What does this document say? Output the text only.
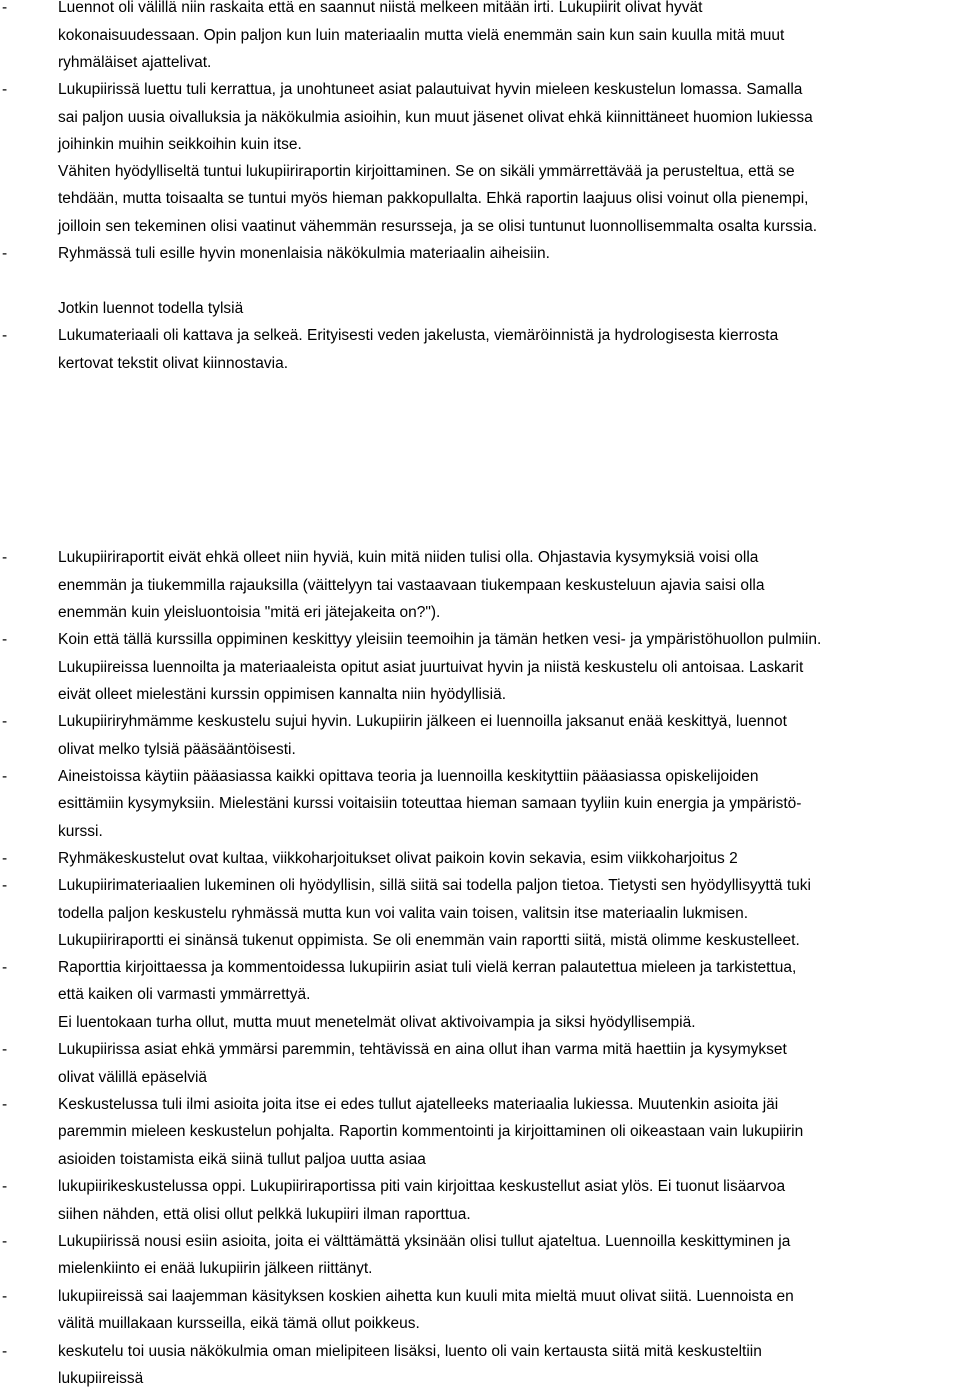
-	Luennot oli välillä niin raskaita että en saannut niistä melkeen mitään irti. Lukupiirit olivat hyvät
kokonaisuudessaan. Opin paljon kun luin materiaalin mutta vielä enemmän sain kun sain kuulla mitä muut
ryhmäläiset ajattelivat.
-	Lukupiirissä luettu tuli kerrattua, ja unohtuneet asiat palautuivat hyvin mieleen keskustelun lomassa. Samalla
sai paljon uusia oivalluksia ja näkökulmia asioihin, kun muut jäsenet olivat ehkä kiinnittäneet huomion lukiessa
joihinkin muihin seikkoihin kuin itse.
Vähiten hyödylliseltä tuntui lukupiiriraportin kirjoittaminen. Se on sikäli ymmärrettävää ja perusteltua, että se
tehdään, mutta toisaalta se tuntui myös hieman pakkopullalta. Ehkä raportin laajuus olisi voinut olla pienempi,
joilloin sen tekeminen olisi vaatinut vähemmän resursseja, ja se olisi tuntunut luonnollisemmalta osalta kurssia.
-	Ryhmässä tuli esille hyvin monenlaisia näkökulmia materiaalin aiheisiin.
Jotkin luennot todella tylsiä
-	Lukumateriaali oli kattava ja selkeä. Erityisesti veden jakelusta, viemäröinnistä ja hydrologisesta kierrosta
kertovat tekstit olivat kiinnostavia.
-	Lukupiiriraportit eivät ehkä olleet niin hyviä, kuin mitä niiden tulisi olla. Ohjastavia kysymyksiä voisi olla
enemmän ja tiukemmilla rajauksilla (väittelyyn tai vastaavaan tiukempaan keskusteluun ajavia saisi olla
enemmän kuin yleisluontoisia "mitä eri jätejakeita on?").
-	Koin että tällä kurssilla oppiminen keskittyy yleisiin teemoihin ja tämän hetken vesi- ja ympäristöhuollon pulmiin.
Lukupiireissa luennoilta ja materiaaleista opitut asiat juurtuivat hyvin ja niistä keskustelu oli antoisaa. Laskarit
eivät olleet mielestäni kurssin oppimisen kannalta niin hyödyllisiä.
-	Lukupiiriryhmämme keskustelu sujui hyvin. Lukupiirin jälkeen ei luennoilla jaksanut enää keskittyä, luennot
olivat melko tylsiä pääsääntöisesti.
-	Aineistoissa käytiin pääasiassa kaikki opittava teoria ja luennoilla keskityttiin pääasiassa opiskelijoiden
esittämiin kysymyksiin. Mielestäni kurssi voitaisiin toteuttaa hieman samaan tyyliin kuin energia ja ympäristö-
kurssi.
-	Ryhmäkeskustelut ovat kultaa, viikkoharjoitukset olivat paikoin kovin sekavia, esim viikkoharjoitus 2
-	Lukupiirimateriaalien lukeminen oli hyödyllisin, sillä siitä sai todella paljon tietoa. Tietysti sen hyödyllisyyttä tuki
todella paljon keskustelu ryhmässä mutta kun voi valita vain toisen, valitsin itse materiaalin lukmisen.
Lukupiiriraportti ei sinänsä tukenut oppimista. Se oli enemmän vain raportti siitä, mistä olimme keskustelleet.
-	Raporttia kirjoittaessa ja kommentoidessa lukupiirin asiat tuli vielä kerran palautettua mieleen ja tarkistettua,
että kaiken oli varmasti ymmärrettyä.
Ei luentokaan turha ollut, mutta muut menetelmät olivat aktivoivampia ja siksi hyödyllisempiä.
-	Lukupiirissa asiat ehkä ymmärsi paremmin, tehtävissä en aina ollut ihan varma mitä haettiin ja kysymykset
olivat välillä epäselviä
-	Keskustelussa tuli ilmi asioita joita itse ei edes tullut ajatelleeks materiaalia lukiessa. Muutenkin asioita jäi
paremmin mieleen keskustelun pohjalta. Raportin kommentointi ja kirjoittaminen oli oikeastaan vain lukupiirin
asioiden toistamista eikä siinä tullut paljoa uutta asiaa
-	lukupiirikeskustelussa oppi. Lukupiiriraportissa piti vain kirjoittaa keskustellut asiat ylös. Ei tuonut lisäarvoa
siihen nähden, että olisi ollut pelkkä lukupiiri ilman raporttua.
-	Lukupiirissä nousi esiin asioita, joita ei välttämättä yksinään olisi tullut ajateltua. Luennoilla keskittyminen ja
mielenkiinto ei enää lukupiirin jälkeen riittänyt.
-	lukupiireissä sai laajemman käsityksen koskien aihetta kun kuuli mita mieltä muut olivat siitä. Luennoista en
välitä muillakaan kursseilla, eikä tämä ollut poikkeus.
-	keskutelu toi uusia näkökulmia oman mielipiteen lisäksi, luento oli vain kertausta siitä mitä keskusteltiin
lukupiireissä
